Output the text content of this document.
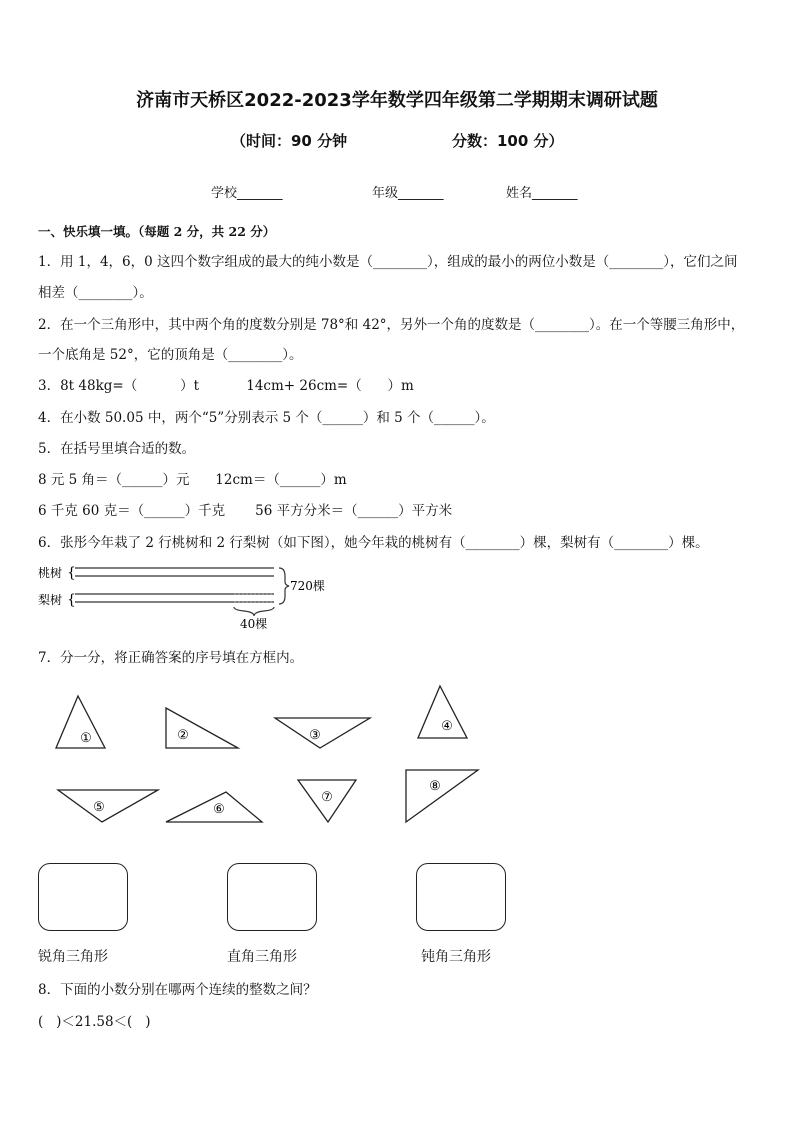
济南市天桥区2022-2023学年数学四年级第二学期期末调研试题
（时间：90 分钟	分数：100 分）
学校_______	年级_______	姓名_______
一、快乐填一填。（每题 2 分，共 22 分）
1．用 1，4，6，0 这四个数字组成的最大的纯小数是（________），组成的最小的两位小数是（________），它们之间
相差（________）。
2．在一个三角形中，其中两个角的度数分别是 78°和 42°，另外一个角的度数是（________）。在一个等腰三角形中，
一个底角是 52°，它的顶角是（________）。
3．8t 48kg=（          ）t           14cm+ 26cm=（      ）m
4．在小数 50.05 中，两个“5”分别表示 5 个（______）和 5 个（______）。
5．在括号里填合适的数。
8 元 5 角＝（______）元      12cm＝（______）m
6 千克 60 克＝（______）千克       56 平方分米＝（______）平方米
6．张彤今年栽了 2 行桃树和 2 行梨树（如下图），她今年栽的桃树有（________）棵，梨树有（________）棵。
桃树
梨树
{
{
720棵
40棵
7．分一分，将正确答案的序号填在方框内。
①	②	③
④
⑤	⑥
⑦
⑧
锐角三角形	直角三角形	钝角三角形
8．下面的小数分别在哪两个连续的整数之间？
(   )＜21.58＜(   )
